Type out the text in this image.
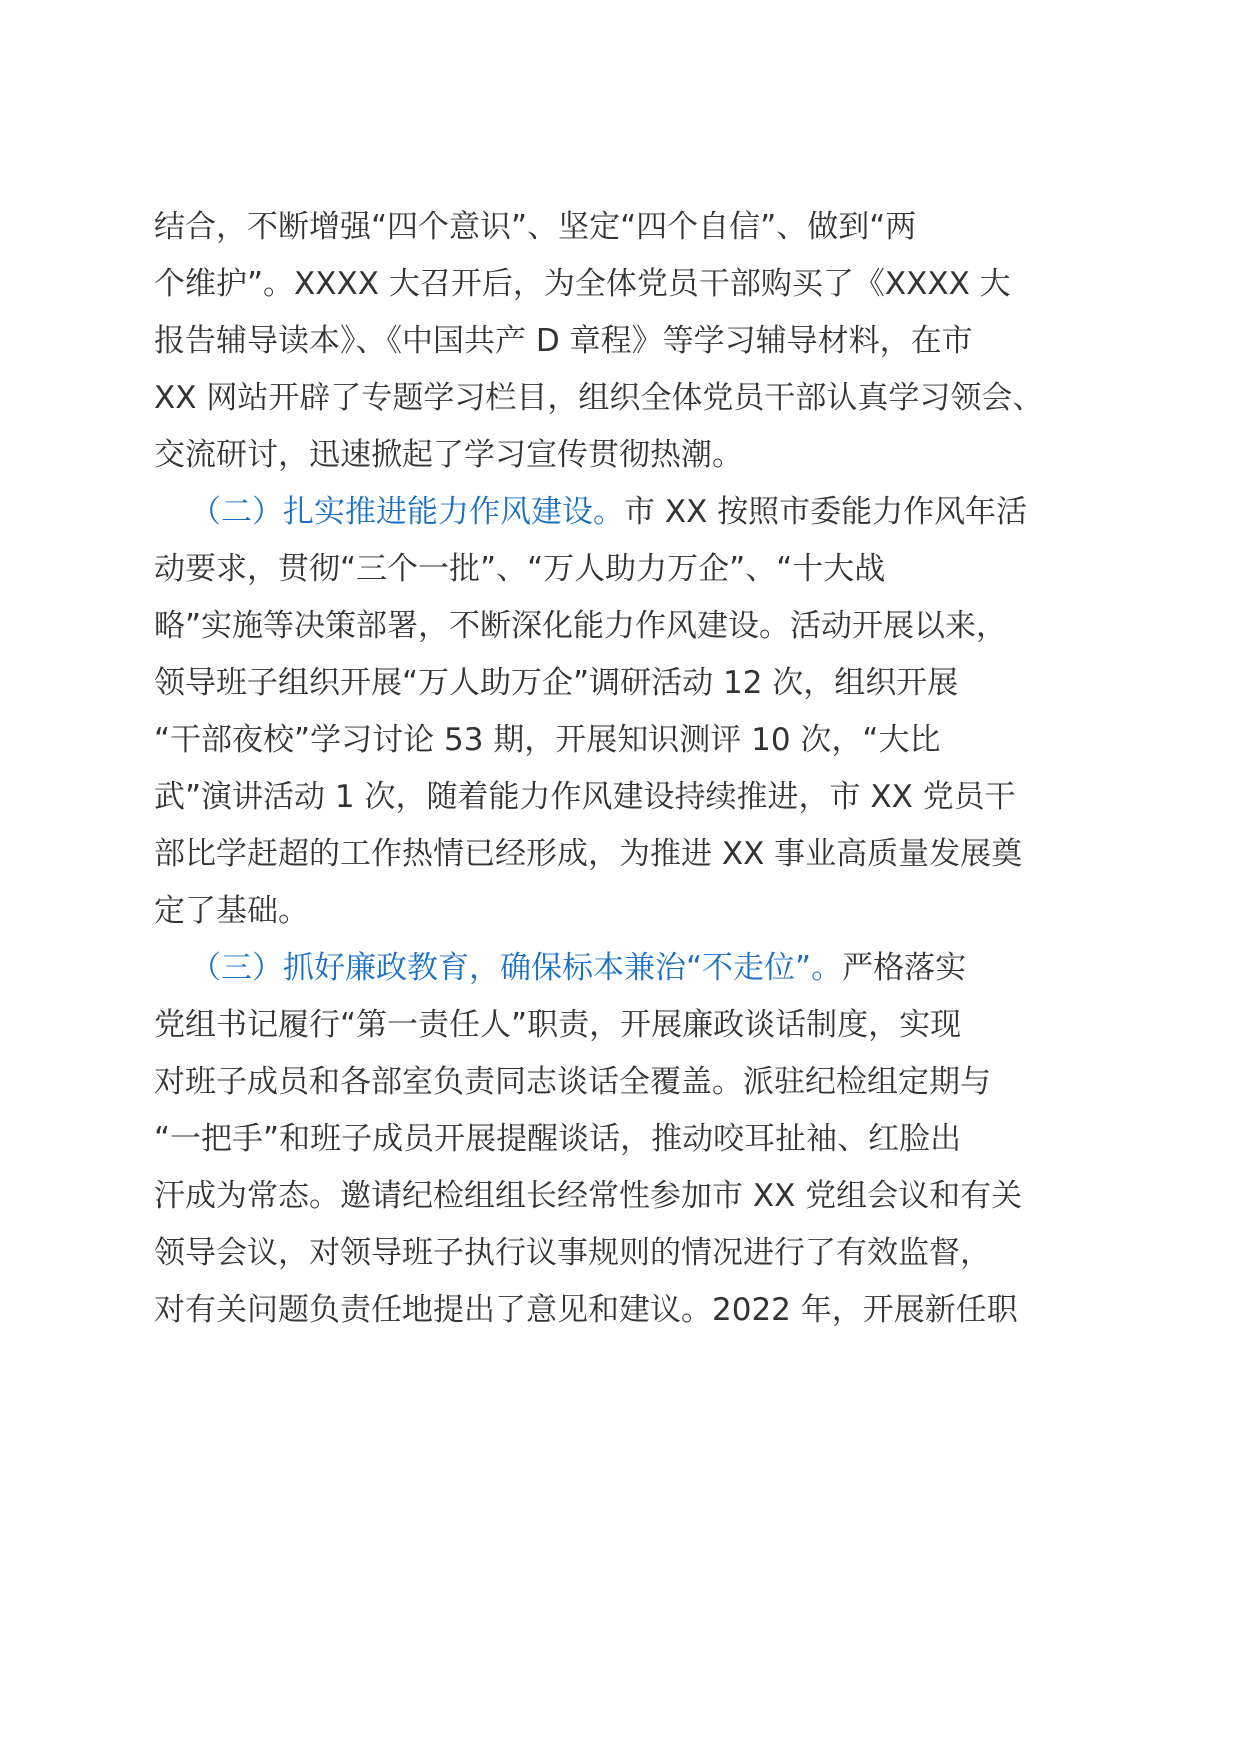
结合，不断增强“四个意识”、坚定“四个自信”、做到“两
个维护”。XXXX 大召开后，为全体党员干部购买了《XXXX 大
报告辅导读本》、《中国共产 D 章程》等学习辅导材料，在市
XX 网站开辟了专题学习栏目，组织全体党员干部认真学习领会、
交流研讨，迅速掀起了学习宣传贯彻热潮。
（二）扎实推进能力作风建设。市 XX 按照市委能力作风年活
动要求，贯彻“三个一批”、“万人助力万企”、“十大战
略”实施等决策部署，不断深化能力作风建设。活动开展以来，
领导班子组织开展“万人助万企”调研活动 12 次，组织开展
“干部夜校”学习讨论 53 期，开展知识测评 10 次，“大比
武”演讲活动 1 次，随着能力作风建设持续推进，市 XX 党员干
部比学赶超的工作热情已经形成，为推进 XX 事业高质量发展奠
定了基础。
（三）抓好廉政教育，确保标本兼治“不走位”。严格落实
党组书记履行“第一责任人”职责，开展廉政谈话制度，实现
对班子成员和各部室负责同志谈话全覆盖。派驻纪检组定期与
“一把手”和班子成员开展提醒谈话，推动咬耳扯袖、红脸出
汗成为常态。邀请纪检组组长经常性参加市 XX 党组会议和有关
领导会议，对领导班子执行议事规则的情况进行了有效监督，
对有关问题负责任地提出了意见和建议。2022 年，开展新任职
